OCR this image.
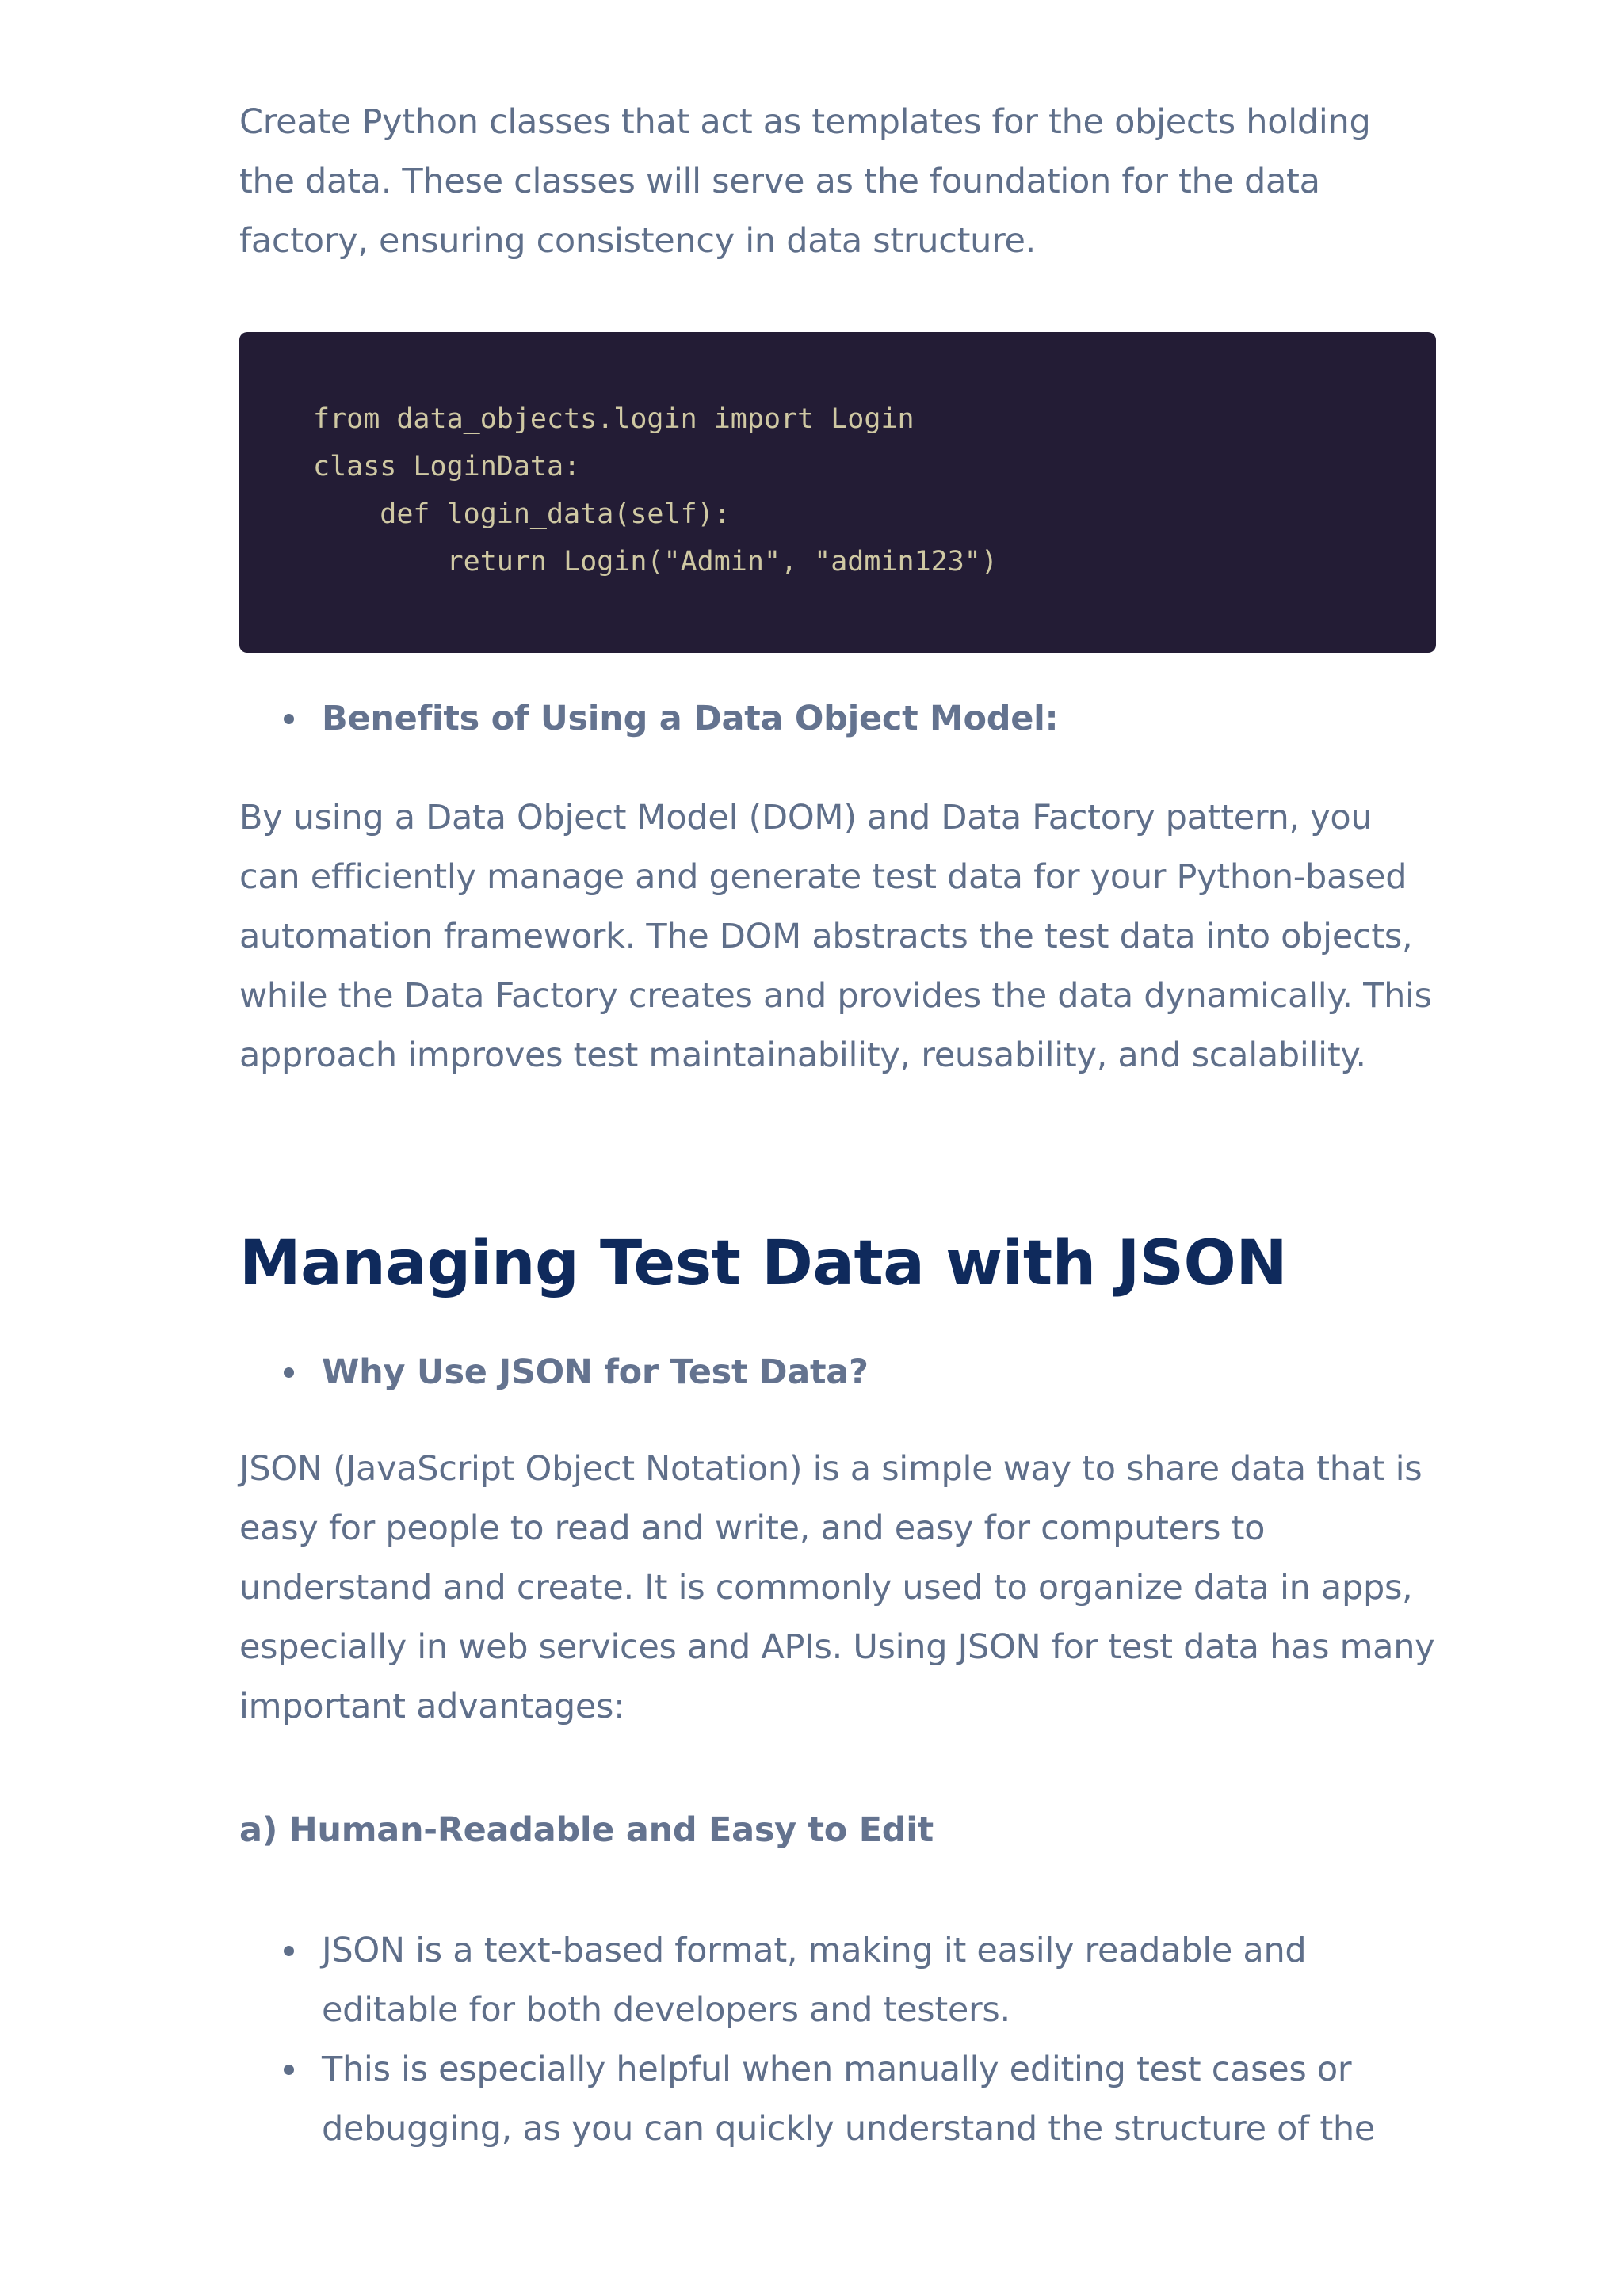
Create Python classes that act as templates for the objects holding the data. These classes will serve as the foundation for the data factory, ensuring consistency in data structure.

from data_objects.login import Login
class LoginData:
def login_data(self):
return Login("Admin", "admin123")
Benefits of Using a Data Object Model:

By using a Data Object Model (DOM) and Data Factory pattern, you can efficiently manage and generate test data for your Python-based automation framework. The DOM abstracts the test data into objects, while the Data Factory creates and provides the data dynamically. This approach improves test maintainability, reusability, and scalability.

Managing Test Data with JSON
Why Use JSON for Test Data?

JSON (JavaScript Object Notation) is a simple way to share data that is easy for people to read and write, and easy for computers to understand and create. It is commonly used to organize data in apps, especially in web services and APIs. Using JSON for test data has many important advantages:

a) Human-Readable and Easy to Edit
JSON is a text-based format, making it easily readable and editable for both developers and testers.
This is especially helpful when manually editing test cases or debugging, as you can quickly understand the structure of the
